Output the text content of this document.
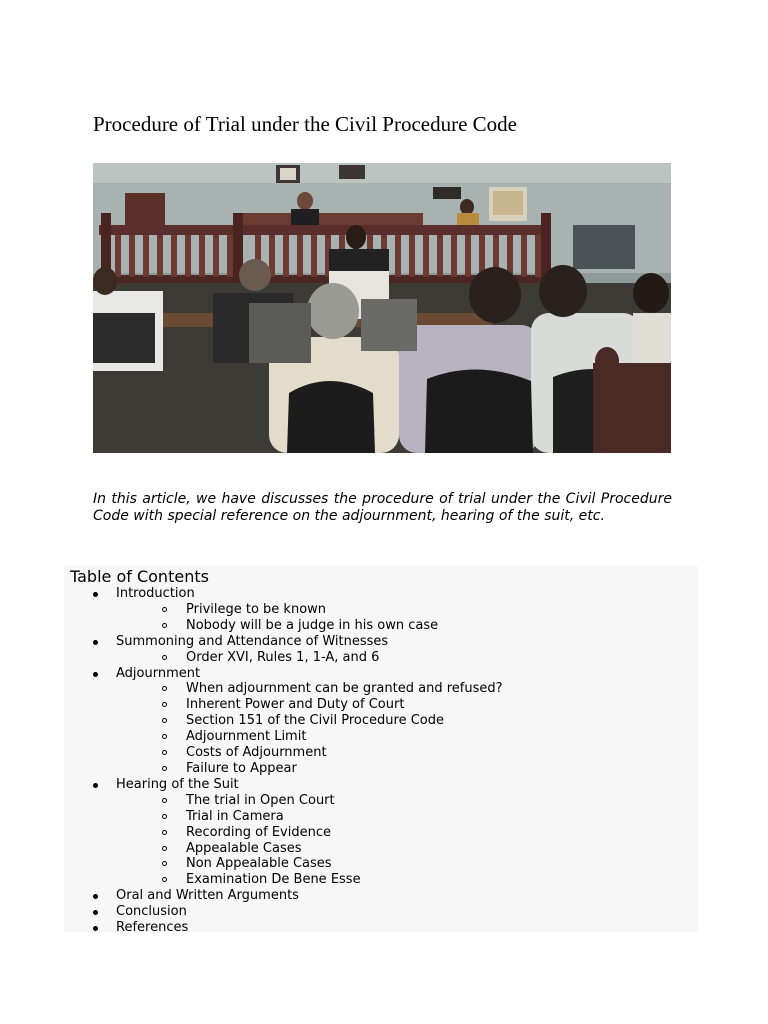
Procedure of Trial under the Civil Procedure Code

In this article, we have discusses the procedure of trial under the Civil Procedure Code with special reference on the adjournment, hearing of the suit, etc.

Table of Contents
Introduction
Privilege to be known
Nobody will be a judge in his own case
Summoning and Attendance of Witnesses
Order XVI, Rules 1, 1-A, and 6
Adjournment
When adjournment can be granted and refused?
Inherent Power and Duty of Court
Section 151 of the Civil Procedure Code
Adjournment Limit
Costs of Adjournment
Failure to Appear
Hearing of the Suit
The trial in Open Court
Trial in Camera
Recording of Evidence
Appealable Cases
Non Appealable Cases
Examination De Bene Esse
Oral and Written Arguments
Conclusion
References
